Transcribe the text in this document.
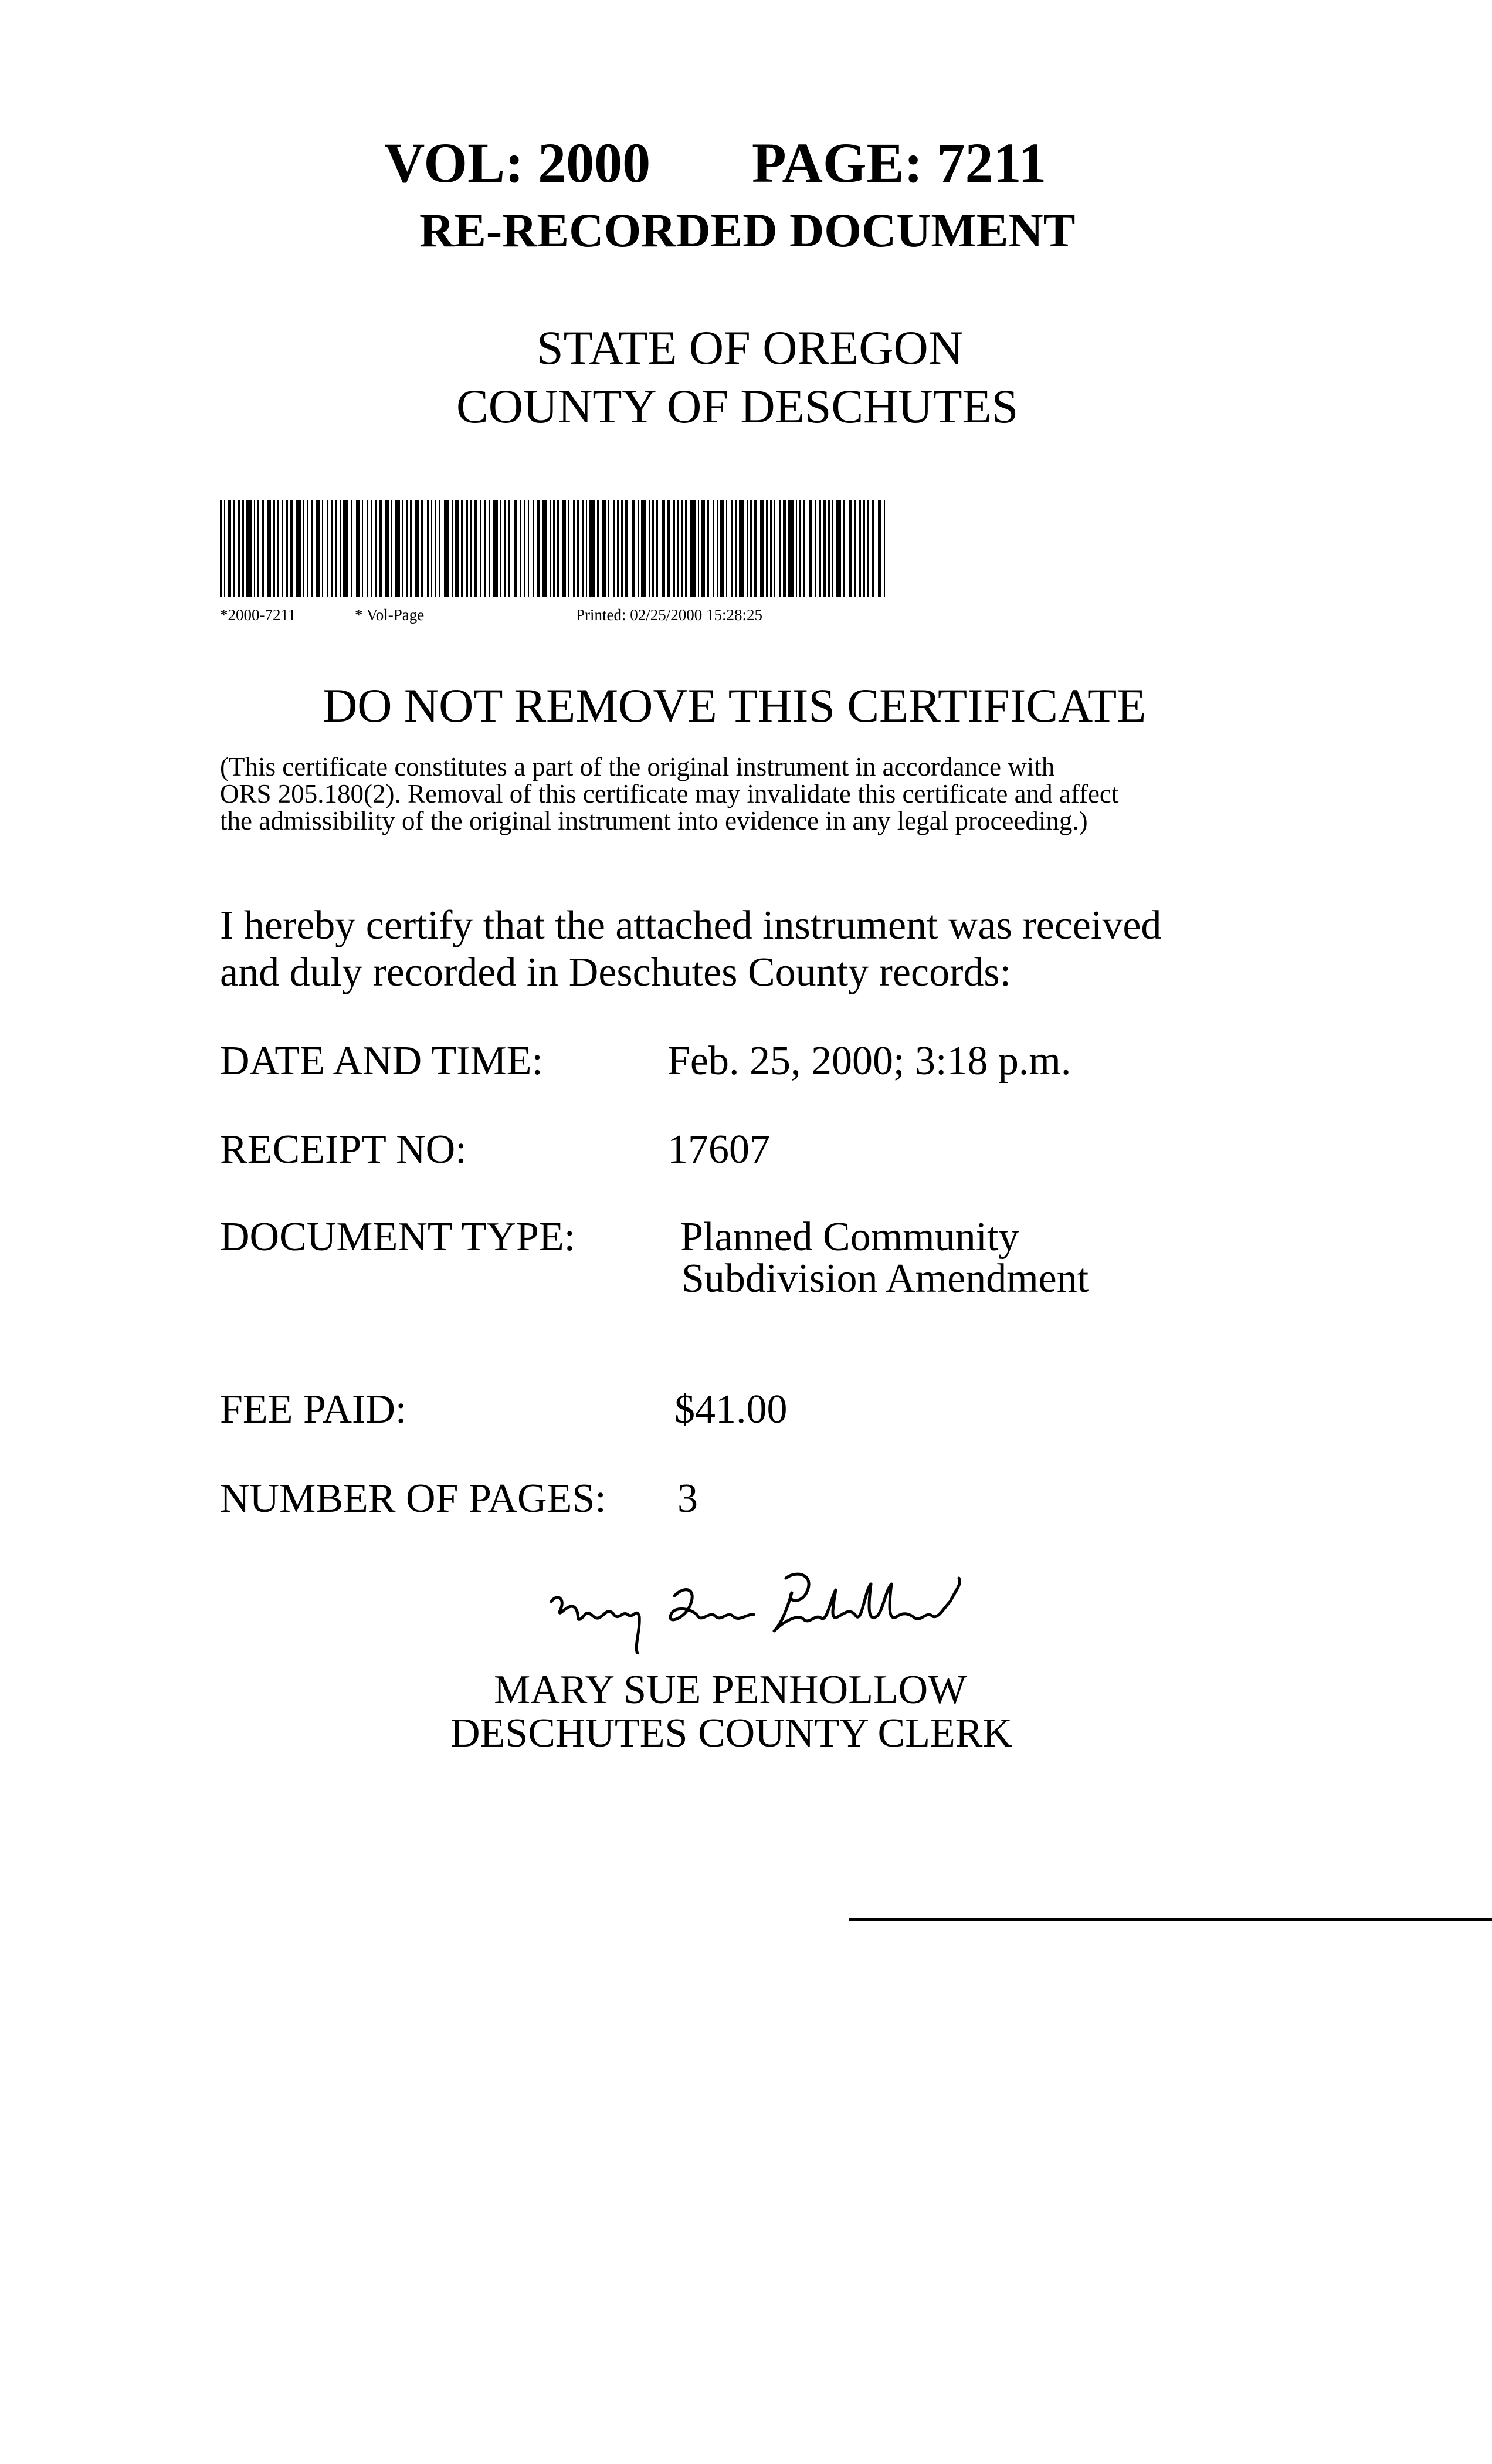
VOL: 2000 PAGE: 7211
RE-RECORDED DOCUMENT
STATE OF OREGON
COUNTY OF DESCHUTES
*2000-7211	* Vol-Page	Printed: 02/25/2000 15:28:25
DO NOT REMOVE THIS CERTIFICATE
(This certificate constitutes a part of the original instrument in accordance with
ORS 205.180(2). Removal of this certificate may invalidate this certificate and affect
the admissibility of the original instrument into evidence in any legal proceeding.)
I hereby certify that the attached instrument was received
and duly recorded in Deschutes County records:
DATE AND TIME:	Feb. 25, 2000; 3:18 p.m.
RECEIPT NO:	17607
DOCUMENT TYPE:	Planned Community
Subdivision Amendment
FEE PAID:	$41.00
NUMBER OF PAGES: 3
MARY SUE PENHOLLOW
DESCHUTES COUNTY CLERK
